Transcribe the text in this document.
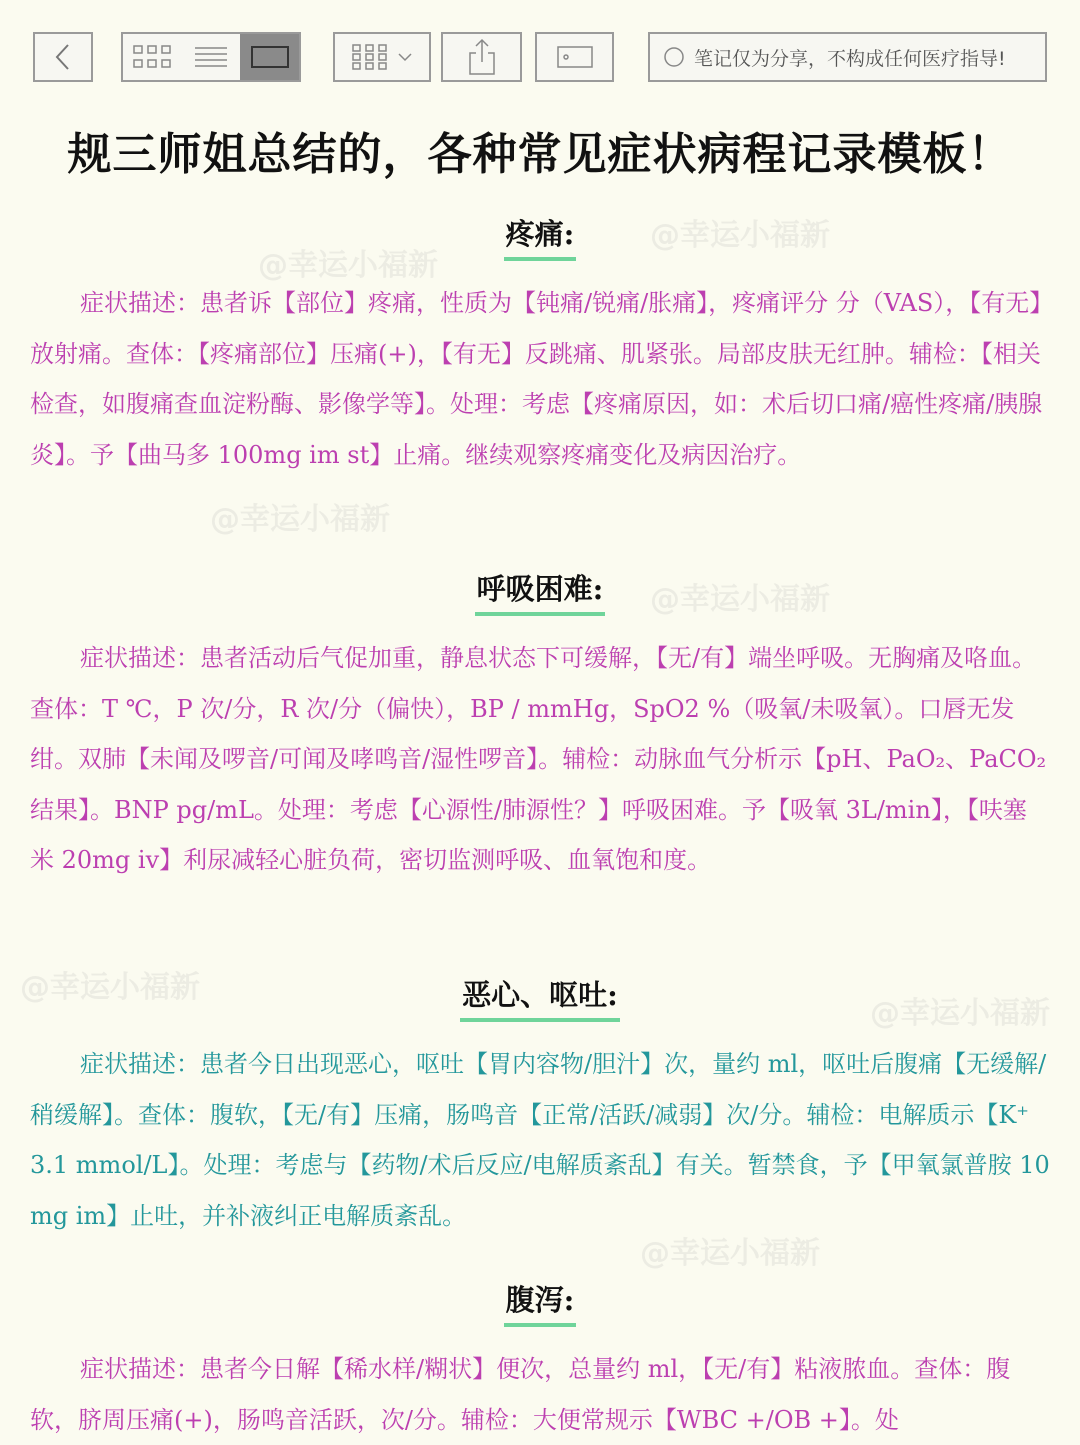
笔记仅为分享，不构成任何医疗指导!
规三师姐总结的，各种常见症状病程记录模板！
@幸运小福新
@幸运小福新
@幸运小福新
@幸运小福新
@幸运小福新
@幸运小福新
@幸运小福新
疼痛:

症状描述：患者诉【部位】疼痛，性质为【钝痛/锐痛/胀痛】，疼痛评分 分（VAS），【有无】放射痛。查体：【疼痛部位】压痛(+)，【有无】反跳痛、肌紧张。局部皮肤无红肿。辅检：【相关检查，如腹痛查血淀粉酶、影像学等】。处理：考虑【疼痛原因，如：术后切口痛/癌性疼痛/胰腺炎】。予【曲马多 100mg im st】止痛。继续观察疼痛变化及病因治疗。

呼吸困难:

症状描述：患者活动后气促加重，静息状态下可缓解，【无/有】端坐呼吸。无胸痛及咯血。查体：T ℃，P 次/分，R 次/分（偏快），BP / mmHg，SpO2 %（吸氧/未吸氧）。口唇无发绀。双肺【未闻及啰音/可闻及哮鸣音/湿性啰音】。辅检：动脉血气分析示【pH、PaO₂、PaCO₂结果】。BNP pg/mL。处理：考虑【心源性/肺源性？】呼吸困难。予【吸氧 3L/min】，【呋塞米 20mg iv】利尿减轻心脏负荷，密切监测呼吸、血氧饱和度。

恶心、呕吐:

症状描述：患者今日出现恶心，呕吐【胃内容物/胆汁】次，量约 ml，呕吐后腹痛【无缓解/稍缓解】。查体：腹软，【无/有】压痛，肠鸣音【正常/活跃/减弱】次/分。辅检：电解质示【K⁺ 3.1 mmol/L】。处理：考虑与【药物/术后反应/电解质紊乱】有关。暂禁食，予【甲氧氯普胺 10mg im】止吐，并补液纠正电解质紊乱。

腹泻:

症状描述：患者今日解【稀水样/糊状】便次，总量约 ml，【无/有】粘液脓血。查体：腹软，脐周压痛(+)，肠鸣音活跃，次/分。辅检：大便常规示【WBC +/OB +】。处
